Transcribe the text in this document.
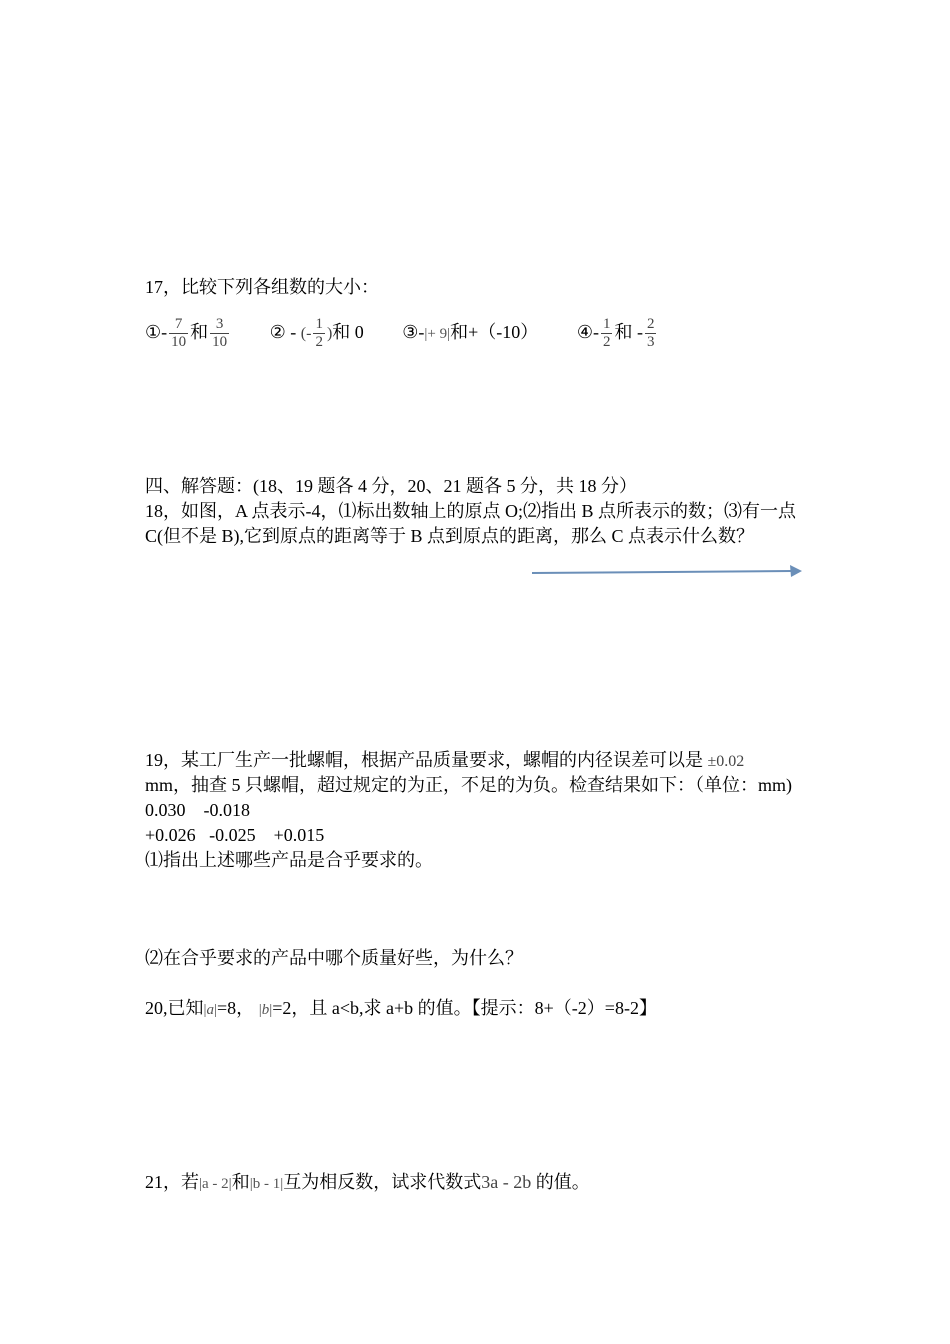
17，比较下列各组数的大小：
①- $\frac{7}{10}$ 和 $\frac{3}{10}$ ② - (- $\frac{1}{2}$ )和 0 ③-|+ 9|和+（-10） ④- $\frac{1}{2}$ 和 - $\frac{2}{3}$
四、解答题：(18、19 题各 4 分，20、21 题各 5 分，共 18 分）
18，如图，A 点表示-4，⑴标出数轴上的原点 O;⑵指出 B 点所表示的数；⑶有一点
C(但不是 B),它到原点的距离等于 B 点到原点的距离，那么 C 点表示什么数？
19，某工厂生产一批螺帽，根据产品质量要求，螺帽的内径误差可以是 ±0.02
mm，抽查 5 只螺帽，超过规定的为正，不足的为负。检查结果如下：（单位：mm)
0.030    -0.018
+0.026   -0.025    +0.015
⑴指出上述哪些产品是合乎要求的。
⑵在合乎要求的产品中哪个质量好些，为什么？
20,已知|a|=8， |b|=2，且 a<b,求 a+b 的值。【提示：8+（-2）=8-2】
21，若|a - 2|和|b - 1|互为相反数，试求代数式3a - 2b 的值。
